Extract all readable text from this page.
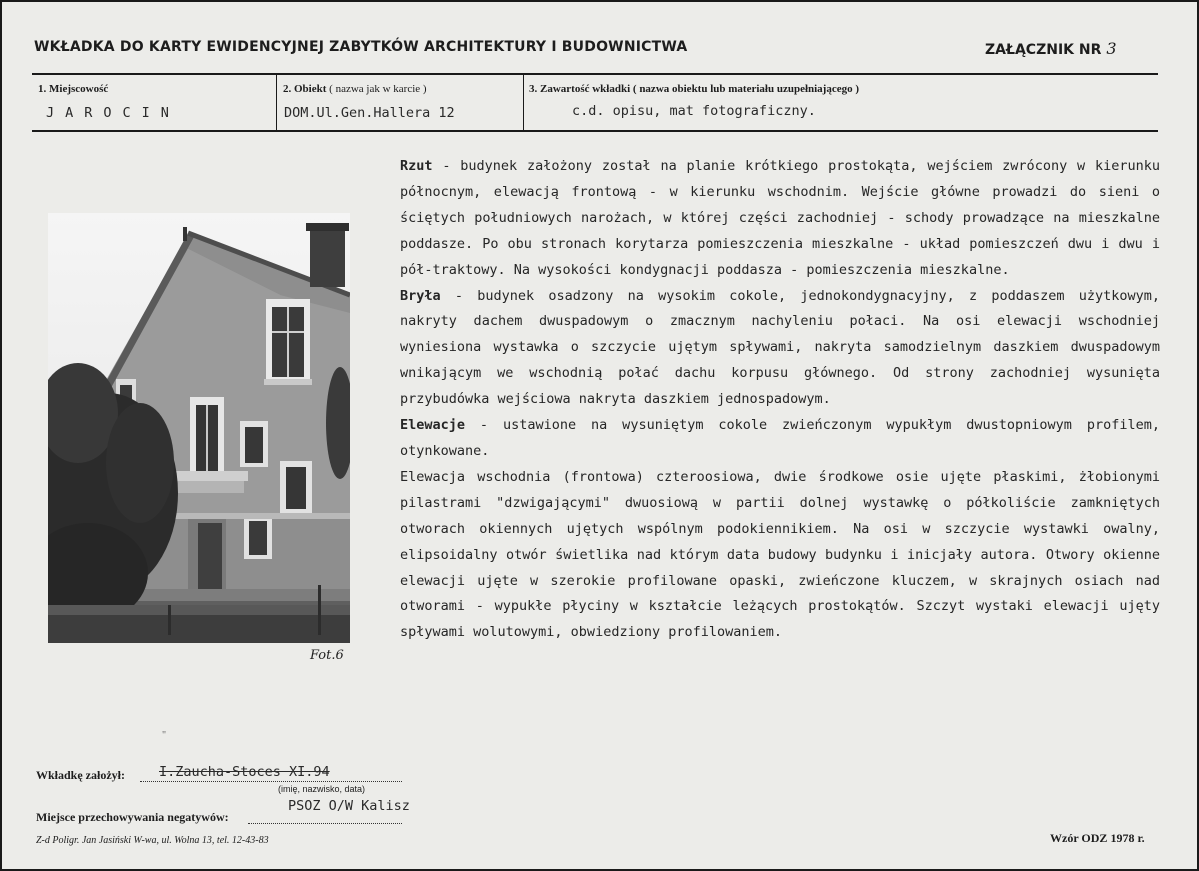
WKŁADKA DO KARTY EWIDENCYJNEJ ZABYTKÓW ARCHITEKTURY I BUDOWNICTWA	ZAŁĄCZNIK NR 3
1. Miejscowość
JAROCIN
2. Obiekt ( nazwa jak w karcie )
DOM.Ul.Gen.Hallera 12
3. Zawartość wkładki ( nazwa obiektu lub materiału uzupełniającego )
c.d. opisu, mat fotograficzny.
Fot.6

Rzut - budynek założony został na planie krótkiego prostokąta, wejściem zwrócony w kierunku północnym, elewacją frontową - w kierunku wschodnim. Wejście główne prowadzi do sieni o ściętych południowych narożach, w której części zachodniej - schody prowadzące na mieszkalne poddasze. Po obu stronach korytarza pomieszczenia mieszkalne - układ pomieszczeń dwu i dwu i pół-traktowy. Na wysokości kondygnacji poddasza - pomieszczenia mieszkalne.

Bryła - budynek osadzony na wysokim cokole, jednokondygnacyjny, z poddaszem użytkowym, nakryty dachem dwuspadowym o zmacznym nachyleniu połaci. Na osi elewacji wschodniej wyniesiona wystawka o szczycie ujętym spływami, nakryta samodzielnym daszkiem dwuspadowym wnikającym we wschodnią połać dachu korpusu głównego. Od strony zachodniej wysunięta przybudówka wejściowa nakryta daszkiem jednospadowym.

Elewacje - ustawione na wysuniętym cokole zwieńczonym wypukłym dwustopniowym profilem, otynkowane.

Elewacja wschodnia (frontowa) czteroosiowa, dwie środkowe osie ujęte płaskimi, żłobionymi pilastrami "dzwigającymi" dwuosiową w partii dolnej wystawkę o półkoliście zamkniętych otworach okiennych ujętych wspólnym podokiennikiem. Na osi w szczycie wystawki owalny, elipsoidalny otwór świetlika nad którym data budowy budynku i inicjały autora. Otwory okienne elewacji ujęte w szerokie profilowane opaski, zwieńczone kluczem, w skrajnych osiach nad otworami - wypukłe płyciny w kształcie leżących prostokątów. Szczyt wystaki elewacji ujęty spływami wolutowymi, obwiedziony profilowaniem.

"
Wkładkę założył:	I.Zaucha-Stoces XI.94
(imię, nazwisko, data)
Miejsce przechowywania negatywów:
PSOZ O/W Kalisz
Z-d Poligr. Jan Jasiński W-wa, ul. Wolna 13, tel. 12-43-83	Wzór ODZ 1978 r.
